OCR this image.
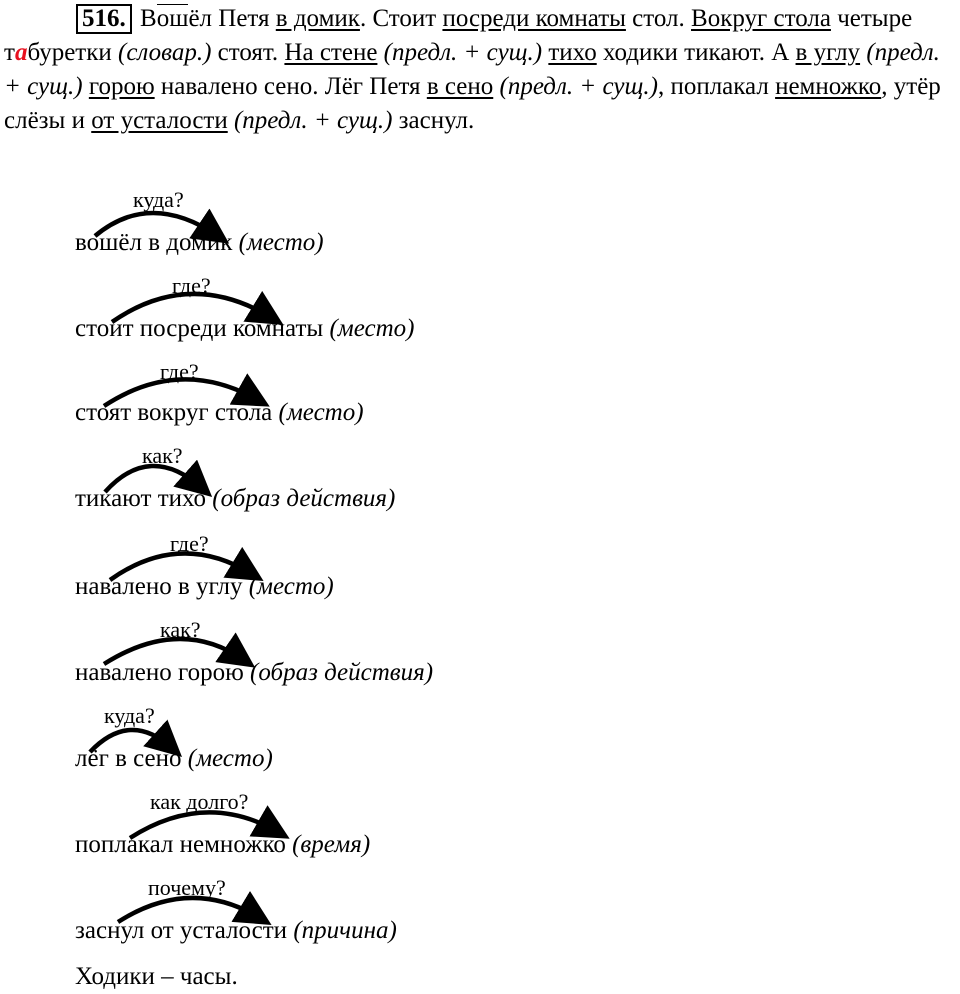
516. Вошёл Петя в домик. Стоит посреди комнаты стол. Вокруг стола четыре табуретки (словар.) стоят. На стене (предл. + сущ.) тихо ходики тикают. А в углу (предл. + сущ.) горою навалено сено. Лёг Петя в сено (предл. + сущ.), поплакал немножко, утёр слёзы и от усталости (предл. + сущ.) заснул.
куда?
вошёл в домик (место)
где?
стоит посреди комнаты (место)
где?
стоят вокруг стола (место)
как?
тикают тихо (образ действия)
где?
навалено в углу (место)
как?
навалено горою (образ действия)
куда?
лёг в сено (место)
как долго?
поплакал немножко (время)
почему?
заснул от усталости (причина)
Ходики – часы.
